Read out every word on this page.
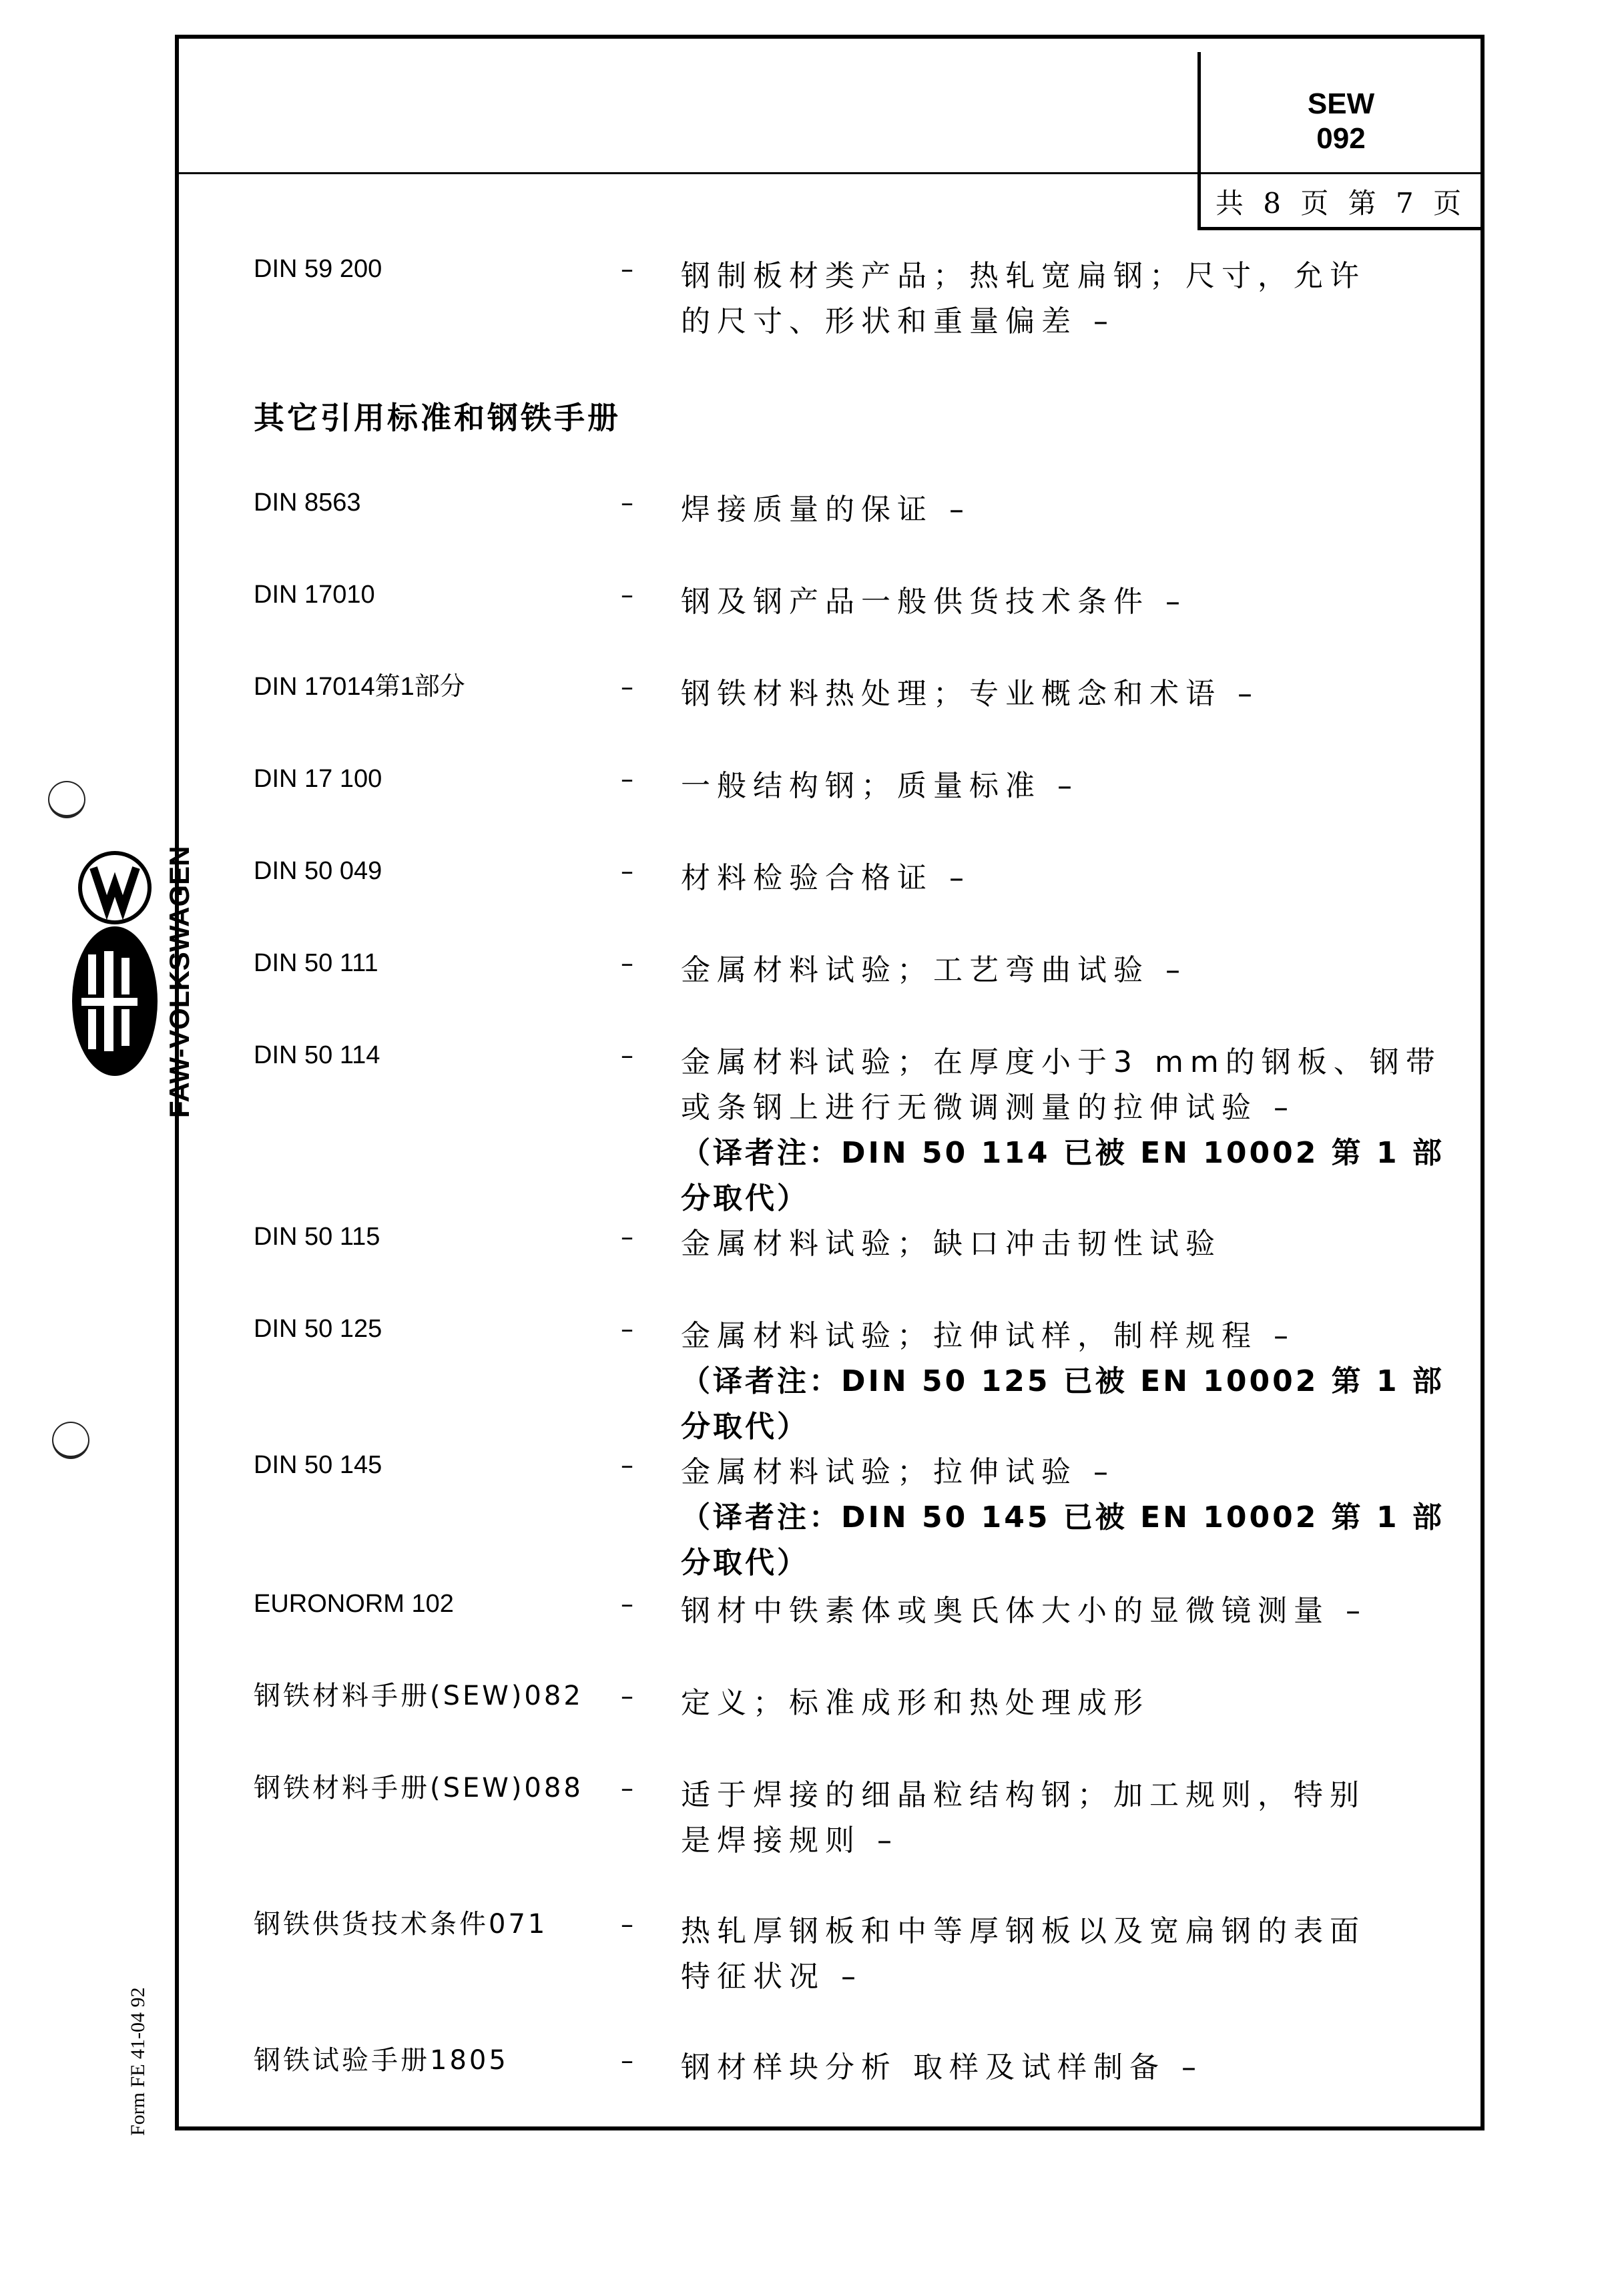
SEW
092
共 8 页 第 7 页
FAW-VOLKSWAGEN
Form FE 41-04 92
DIN 59 200	– 钢制板材类产品；热轧宽扁钢；尺寸，允许
的尺寸、形状和重量偏差 –
其它引用标准和钢铁手册
DIN 8563	– 焊接质量的保证 –
DIN 17010	– 钢及钢产品一般供货技术条件 –
DIN 17014第1部分	– 钢铁材料热处理；专业概念和术语 –
DIN 17 100	– 一般结构钢；质量标准 –
DIN 50 049	– 材料检验合格证 –
DIN 50 111	– 金属材料试验；工艺弯曲试验 –
DIN 50 114	– 金属材料试验；在厚度小于3 mm的钢板、钢带
或条钢上进行无微调测量的拉伸试验 –
（译者注：DIN 50 114 已被 EN 10002 第 1 部分取代）
DIN 50 115	– 金属材料试验；缺口冲击韧性试验
DIN 50 125	– 金属材料试验；拉伸试样，制样规程 –
（译者注：DIN 50 125 已被 EN 10002 第 1 部分取代）
DIN 50 145	– 金属材料试验；拉伸试验 –
（译者注：DIN 50 145 已被 EN 10002 第 1 部分取代）
EURONORM 102	– 钢材中铁素体或奥氏体大小的显微镜测量 –
钢铁材料手册(SEW)082 – 定义；标准成形和热处理成形
钢铁材料手册(SEW)088 – 适于焊接的细晶粒结构钢；加工规则，特别
是焊接规则 –
钢铁供货技术条件071	– 热轧厚钢板和中等厚钢板以及宽扁钢的表面
特征状况 –
钢铁试验手册1805	– 钢材样块分析 取样及试样制备 –
